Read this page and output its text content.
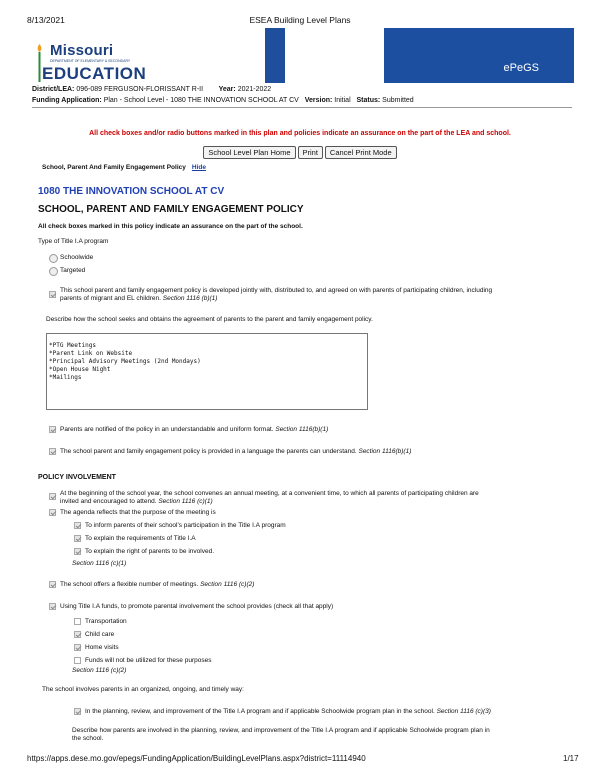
8/13/2021	ESEA Building Level Plans
ePeGS
Missouri
DEPARTMENT OF ELEMENTARY & SECONDARY
EDUCATION
District/LEA: 096-089 FERGUSON-FLORISSANT R-II Year: 2021-2022
Funding Application: Plan - School Level - 1080 THE INNOVATION SCHOOL AT CV Version: Initial Status: Submitted
All check boxes and/or radio buttons marked in this plan and policies indicate an assurance on the part of the LEA and school.
School Level Plan Home Print Cancel Print Mode
School, Parent And Family Engagement Policy Hide
1080 THE INNOVATION SCHOOL AT CV
SCHOOL, PARENT AND FAMILY ENGAGEMENT POLICY
All check boxes marked in this policy indicate an assurance on the part of the school.
Type of Title I.A program
Schoolwide
Targeted
This school parent and family engagement policy is developed jointly with, distributed to, and agreed on with parents of participating children, including
parents of migrant and EL children. Section 1116 (b)(1)
Describe how the school seeks and obtains the agreement of parents to the parent and family engagement policy.
*PTG Meetings
*Parent Link on Website
*Principal Advisory Meetings (2nd Mondays)
*Open House Night
*Mailings
Parents are notified of the policy in an understandable and uniform format. Section 1116(b)(1)
The school parent and family engagement policy is provided in a language the parents can understand. Section 1116(b)(1)
POLICY INVOLVEMENT
At the beginning of the school year, the school convenes an annual meeting, at a convenient time, to which all parents of participating children are
invited and encouraged to attend. Section 1116 (c)(1)
The agenda reflects that the purpose of the meeting is
To inform parents of their school's participation in the Title I.A program
To explain the requirements of Title I.A
To explain the right of parents to be involved.
Section 1116 (c)(1)
The school offers a flexible number of meetings. Section 1116 (c)(2)
Using Title I.A funds, to promote parental involvement the school provides (check all that apply)
Transportation
Child care
Home visits
Funds will not be utilized for these purposes
Section 1116 (c)(2)
The school involves parents in an organized, ongoing, and timely way:
In the planning, review, and improvement of the Title I.A program and if applicable Schoolwide program plan in the school. Section 1116 (c)(3)
Describe how parents are involved in the planning, review, and improvement of the Title I.A program and if applicable Schoolwide program plan in
the school.
https://apps.dese.mo.gov/epegs/FundingApplication/BuildingLevelPlans.aspx?district=11114940	1/17
